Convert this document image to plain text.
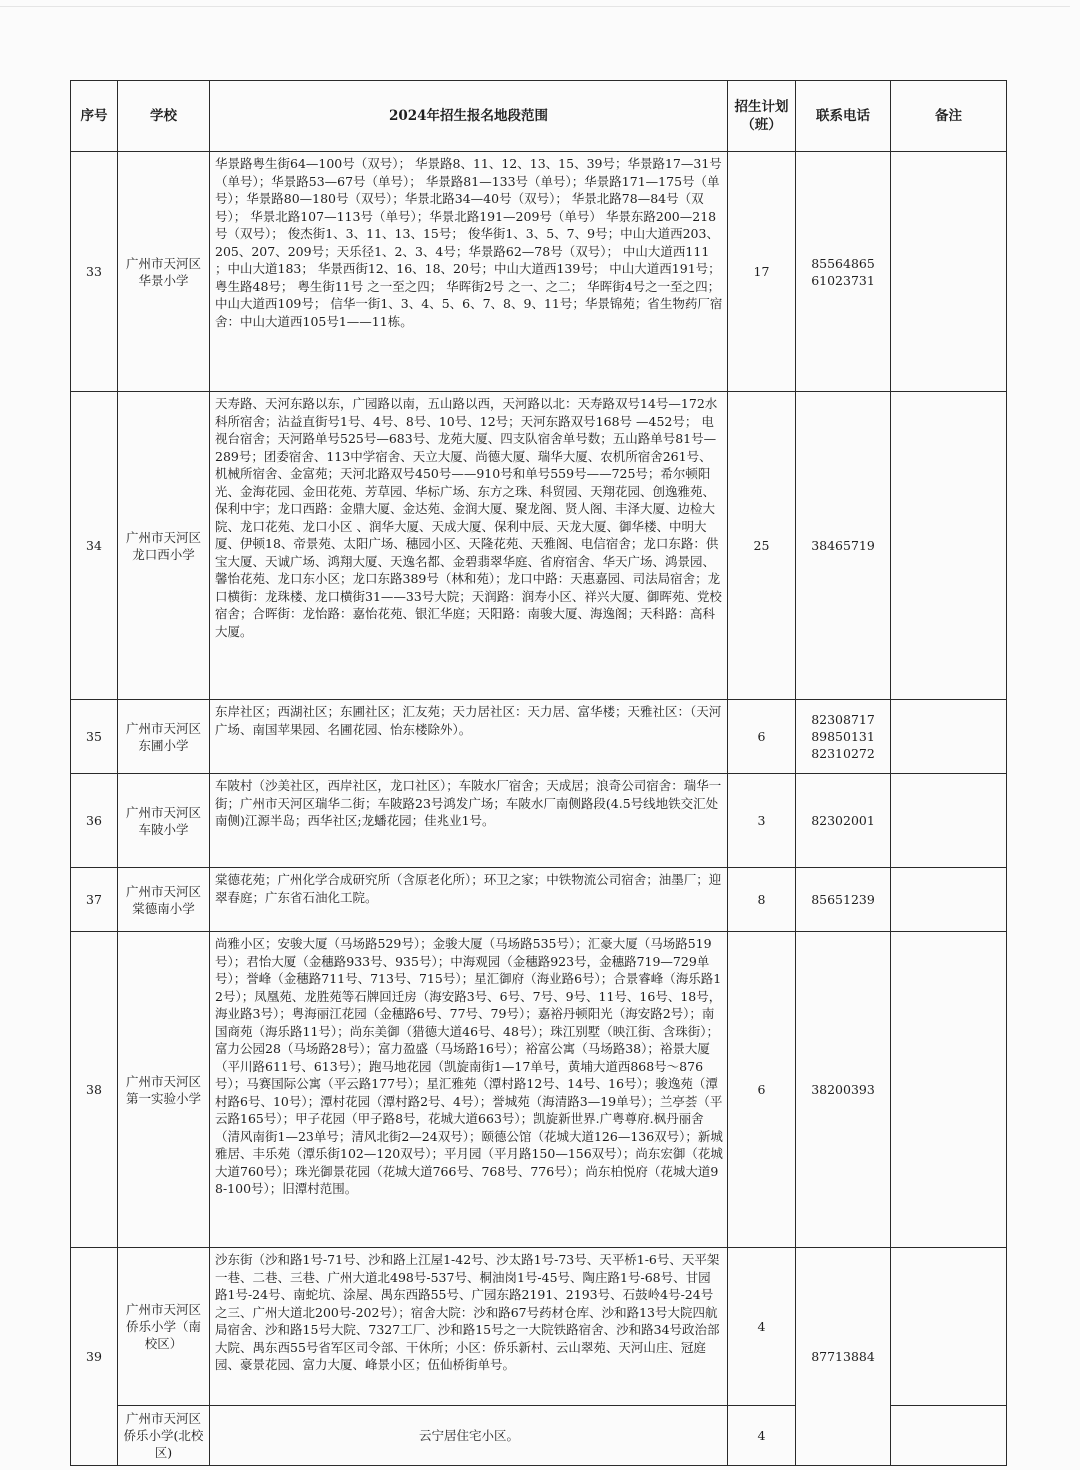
序号	学校	2024年招生报名地段范围	招生计划（班）	联系电话	备注
33	广州市天河区华景小学	华景路粤生街64—100号（双号）； 华景路8、11、12、13、15、39号；华景路17—31号（单号）；华景路53—67号（单号）； 华景路81—133号（单号）；华景路171—175号（单号）；华景路80—180号（双号）；华景北路34—40号（双号）； 华景北路78—84号（双号）； 华景北路107—113号（单号）；华景北路191—209号（单号） 华景东路200—218号（双号）； 俊杰街1、3、11、13、15号； 俊华街1、3、5、7、9号；中山大道西203、205、207、209号；天乐径1、2、3、4号；华景路62—78号（双号）； 中山大道西111 ；中山大道183； 华景西街12、16、18、20号；中山大道西139号； 中山大道西191号；粤生路48号； 粤生街11号 之一至之四； 华晖街2号 之一、之二； 华晖街4号之一至之四； 中山大道西109号； 信华一街1、3、4、5、6、7、8、9、11号；华景锦苑；省生物药厂宿舍：中山大道西105号1——11栋。	17	85564865
61023731	

34	广州市天河区龙口西小学	天寿路、天河东路以东，广园路以南，五山路以西，天河路以北：天寿路双号14号—172水科所宿舍；沾益直街号1号、4号、8号、10号、12号；天河东路双号168号 —452号； 电视台宿舍；天河路单号525号—683号、龙苑大厦、四支队宿舍单号数；五山路单号81号—289号；团委宿舍、113中学宿舍、天立大厦、尚德大厦、瑞华大厦、农机所宿舍261号、机械所宿舍、金富苑；天河北路双号450号——910号和单号559号——725号；希尔顿阳光、金海花园、金田花苑、芳草园、华标广场、东方之珠、科贸园、天翔花园、创逸雅苑、保利中宇；龙口西路：金鼎大厦、金达苑、金润大厦、聚龙阁、贤人阁、丰泽大厦、边检大院、龙口花苑、龙口小区 、润华大厦、天成大厦、保利中辰、天龙大厦、御华楼、中明大厦、伊顿18、帝景苑、太阳广场、穗园小区、天隆花苑、天雅阁、电信宿舍；龙口东路：供宝大厦、天诚广场、鸿翔大厦、天逸名都、金碧翡翠华庭、省府宿舍、华天广场、鸿景园、馨怡花苑、龙口东小区；龙口东路389号（林和苑）；龙口中路：天惠嘉园、司法局宿舍；龙口横街：龙珠楼、龙口横街31——33号大院；天润路：润寿小区、祥兴大厦、御晖苑、党校宿舍；合晖街：龙怡路：嘉怡花苑、银汇华庭；天阳路：南骏大厦、海逸阁；天科路：高科大厦。	25	38465719	

35	广州市天河区东圃小学	东岸社区；西湖社区；东圃社区；汇友苑；天力居社区：天力居、富华楼；天雅社区：（天河广场、南国苹果园、名圃花园、怡东楼除外）。	6	82308717
89850131
82310272	

36	广州市天河区车陂小学	车陂村（沙美社区，西岸社区，龙口社区）；车陂水厂宿舍；天成居；浪奇公司宿舍：瑞华一街；广州市天河区瑞华二街；车陂路23号鸿发广场；车陂水厂南侧路段(4.5号线地铁交汇处南侧)江源半岛；西华社区;龙蟠花园；佳兆业1号。	3	82302001	

37	广州市天河区棠德南小学	棠德花苑；广州化学合成研究所（含原老化所）；环卫之家；中铁物流公司宿舍；油墨厂；迎翠春庭；广东省石油化工院。	8	85651239	

38	广州市天河区第一实验小学	尚雅小区；安骏大厦（马场路529号）；金骏大厦（马场路535号）；汇豪大厦（马场路519号）；君怡大厦（金穗路933号、935号）；中海观园（金穗路923号，金穗路719—729单号）；誉峰（金穗路711号、713号、715号）；星汇御府（海业路6号）；合景睿峰（海乐路12号）；凤凰苑、龙胜苑等石牌回迁房（海安路3号、6号、7号、9号、11号、16号、18号，海业路3号）；粤海丽江花园（金穗路6号、77号、79号）；嘉裕丹顿阳光（海安路2号）；南国商苑（海乐路11号）；尚东美御（猎德大道46号、48号）；珠江别墅（映江街、含珠街）；富力公园28（马场路28号）；富力盈盛（马场路16号）；裕富公寓（马场路38）；裕景大厦（平川路611号、613号）；跑马地花园（凯旋南街1—17单号，黄埔大道西868号～876号）；马赛国际公寓（平云路177号）；星汇雅苑（潭村路12号、14号、16号）；骏逸苑（潭村路6号、10号）；潭村花园（潭村路2号、4号）；誉城苑（海清路3—19单号）；兰亭荟（平云路165号）；甲子花园（甲子路8号，花城大道663号）；凯旋新世界.广粤尊府.枫丹丽舍（清风南街1—23单号；清风北街2—24双号）；颐德公馆（花城大道126—136双号）；新城雅居、丰乐苑（潭乐街102—120双号）；平月园（平月路150—156双号）；尚东宏御（花城大道760号）；珠光御景花园（花城大道766号、768号、776号）；尚东柏悦府（花城大道98-100号）；旧潭村范围。	6	38200393	

39	广州市天河区侨乐小学（南校区）	沙东街（沙和路1号-71号、沙和路上江屋1-42号、沙太路1号-73号、天平桥1-6号、天平架一巷、二巷、三巷、广州大道北498号-537号、桐油岗1号-45号、陶庄路1号-68号、甘园路1号-24号、南蛇坑、涂屋、禺东西路55号、广园东路2191、2193号、石鼓岭4号-24号之三、广州大道北200号-202号）；宿舍大院：沙和路67号药材仓库、沙和路13号大院四航局宿舍、沙和路15号大院、7327工厂、沙和路15号之一大院铁路宿舍、沙和路34号政治部大院、禺东西55号省军区司令部、干休所；小区：侨乐新村、云山翠苑、天河山庄、冠庭园、豪景花园、富力大厦、峰景小区；伍仙桥街单号。	4	87713884	

	广州市天河区侨乐小学(北校区)	云宁居住宅小区。	4		
